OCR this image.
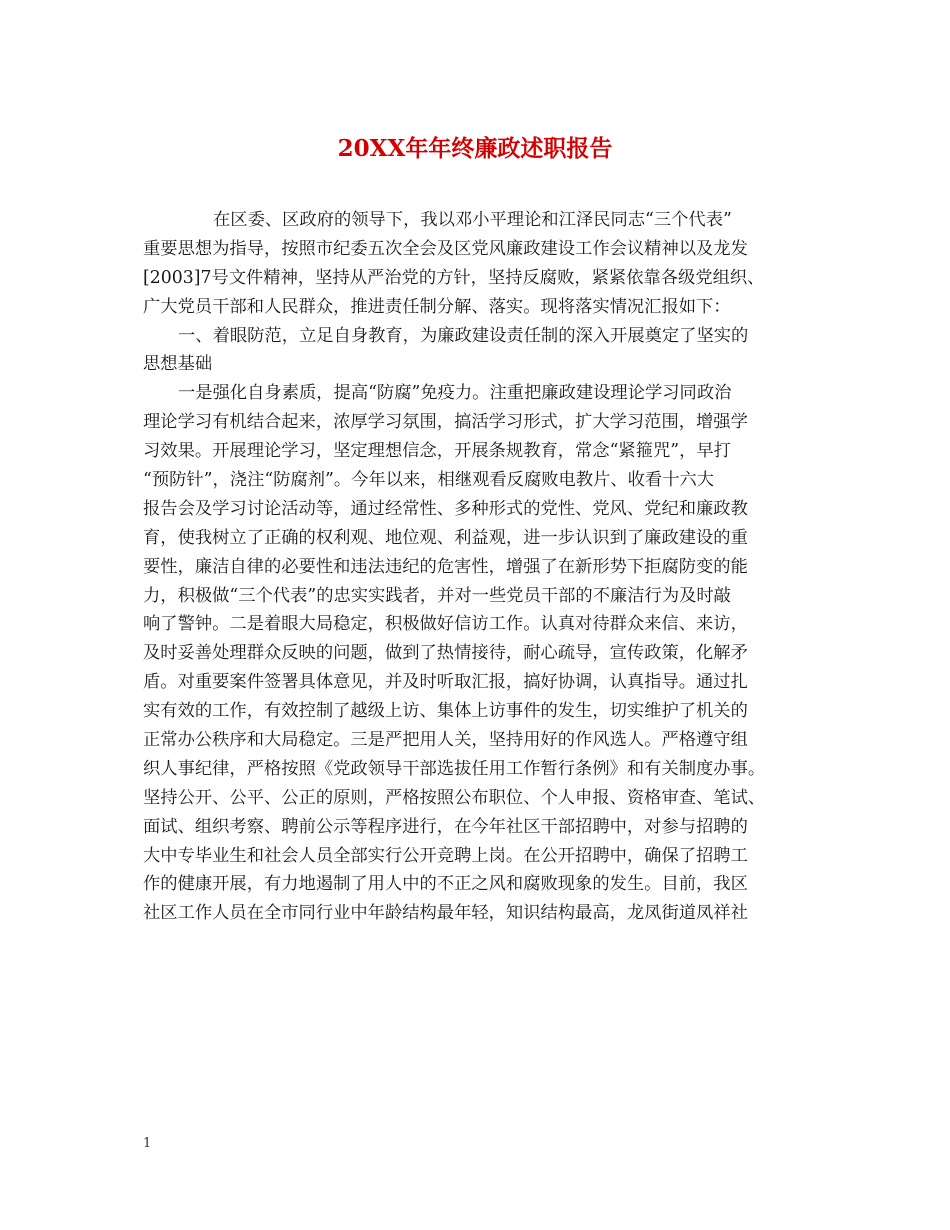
20XX年年终廉政述职报告
在区委、区政府的领导下，我以邓小平理论和江泽民同志“三个代表”
重要思想为指导，按照市纪委五次全会及区党风廉政建设工作会议精神以及龙发
[2003]7号文件精神，坚持从严治党的方针，坚持反腐败，紧紧依靠各级党组织、
广大党员干部和人民群众，推进责任制分解、落实。现将落实情况汇报如下：
一、着眼防范，立足自身教育，为廉政建设责任制的深入开展奠定了坚实的
思想基础
一是强化自身素质，提高“防腐”免疫力。注重把廉政建设理论学习同政治
理论学习有机结合起来，浓厚学习氛围，搞活学习形式，扩大学习范围，增强学
习效果。开展理论学习，坚定理想信念，开展条规教育，常念“紧箍咒”，早打
“预防针”，浇注“防腐剂”。今年以来，相继观看反腐败电教片、收看十六大
报告会及学习讨论活动等，通过经常性、多种形式的党性、党风、党纪和廉政教
育，使我树立了正确的权利观、地位观、利益观，进一步认识到了廉政建设的重
要性，廉洁自律的必要性和违法违纪的危害性，增强了在新形势下拒腐防变的能
力，积极做“三个代表”的忠实实践者，并对一些党员干部的不廉洁行为及时敲
响了警钟。二是着眼大局稳定，积极做好信访工作。认真对待群众来信、来访，
及时妥善处理群众反映的问题，做到了热情接待，耐心疏导，宣传政策，化解矛
盾。对重要案件签署具体意见，并及时听取汇报，搞好协调，认真指导。通过扎
实有效的工作，有效控制了越级上访、集体上访事件的发生，切实维护了机关的
正常办公秩序和大局稳定。三是严把用人关，坚持用好的作风选人。严格遵守组
织人事纪律，严格按照《党政领导干部选拔任用工作暂行条例》和有关制度办事。
坚持公开、公平、公正的原则，严格按照公布职位、个人申报、资格审查、笔试、
面试、组织考察、聘前公示等程序进行，在今年社区干部招聘中，对参与招聘的
大中专毕业生和社会人员全部实行公开竞聘上岗。在公开招聘中，确保了招聘工
作的健康开展，有力地遏制了用人中的不正之风和腐败现象的发生。目前，我区
社区工作人员在全市同行业中年龄结构最年轻，知识结构最高，龙凤街道凤祥社
1
